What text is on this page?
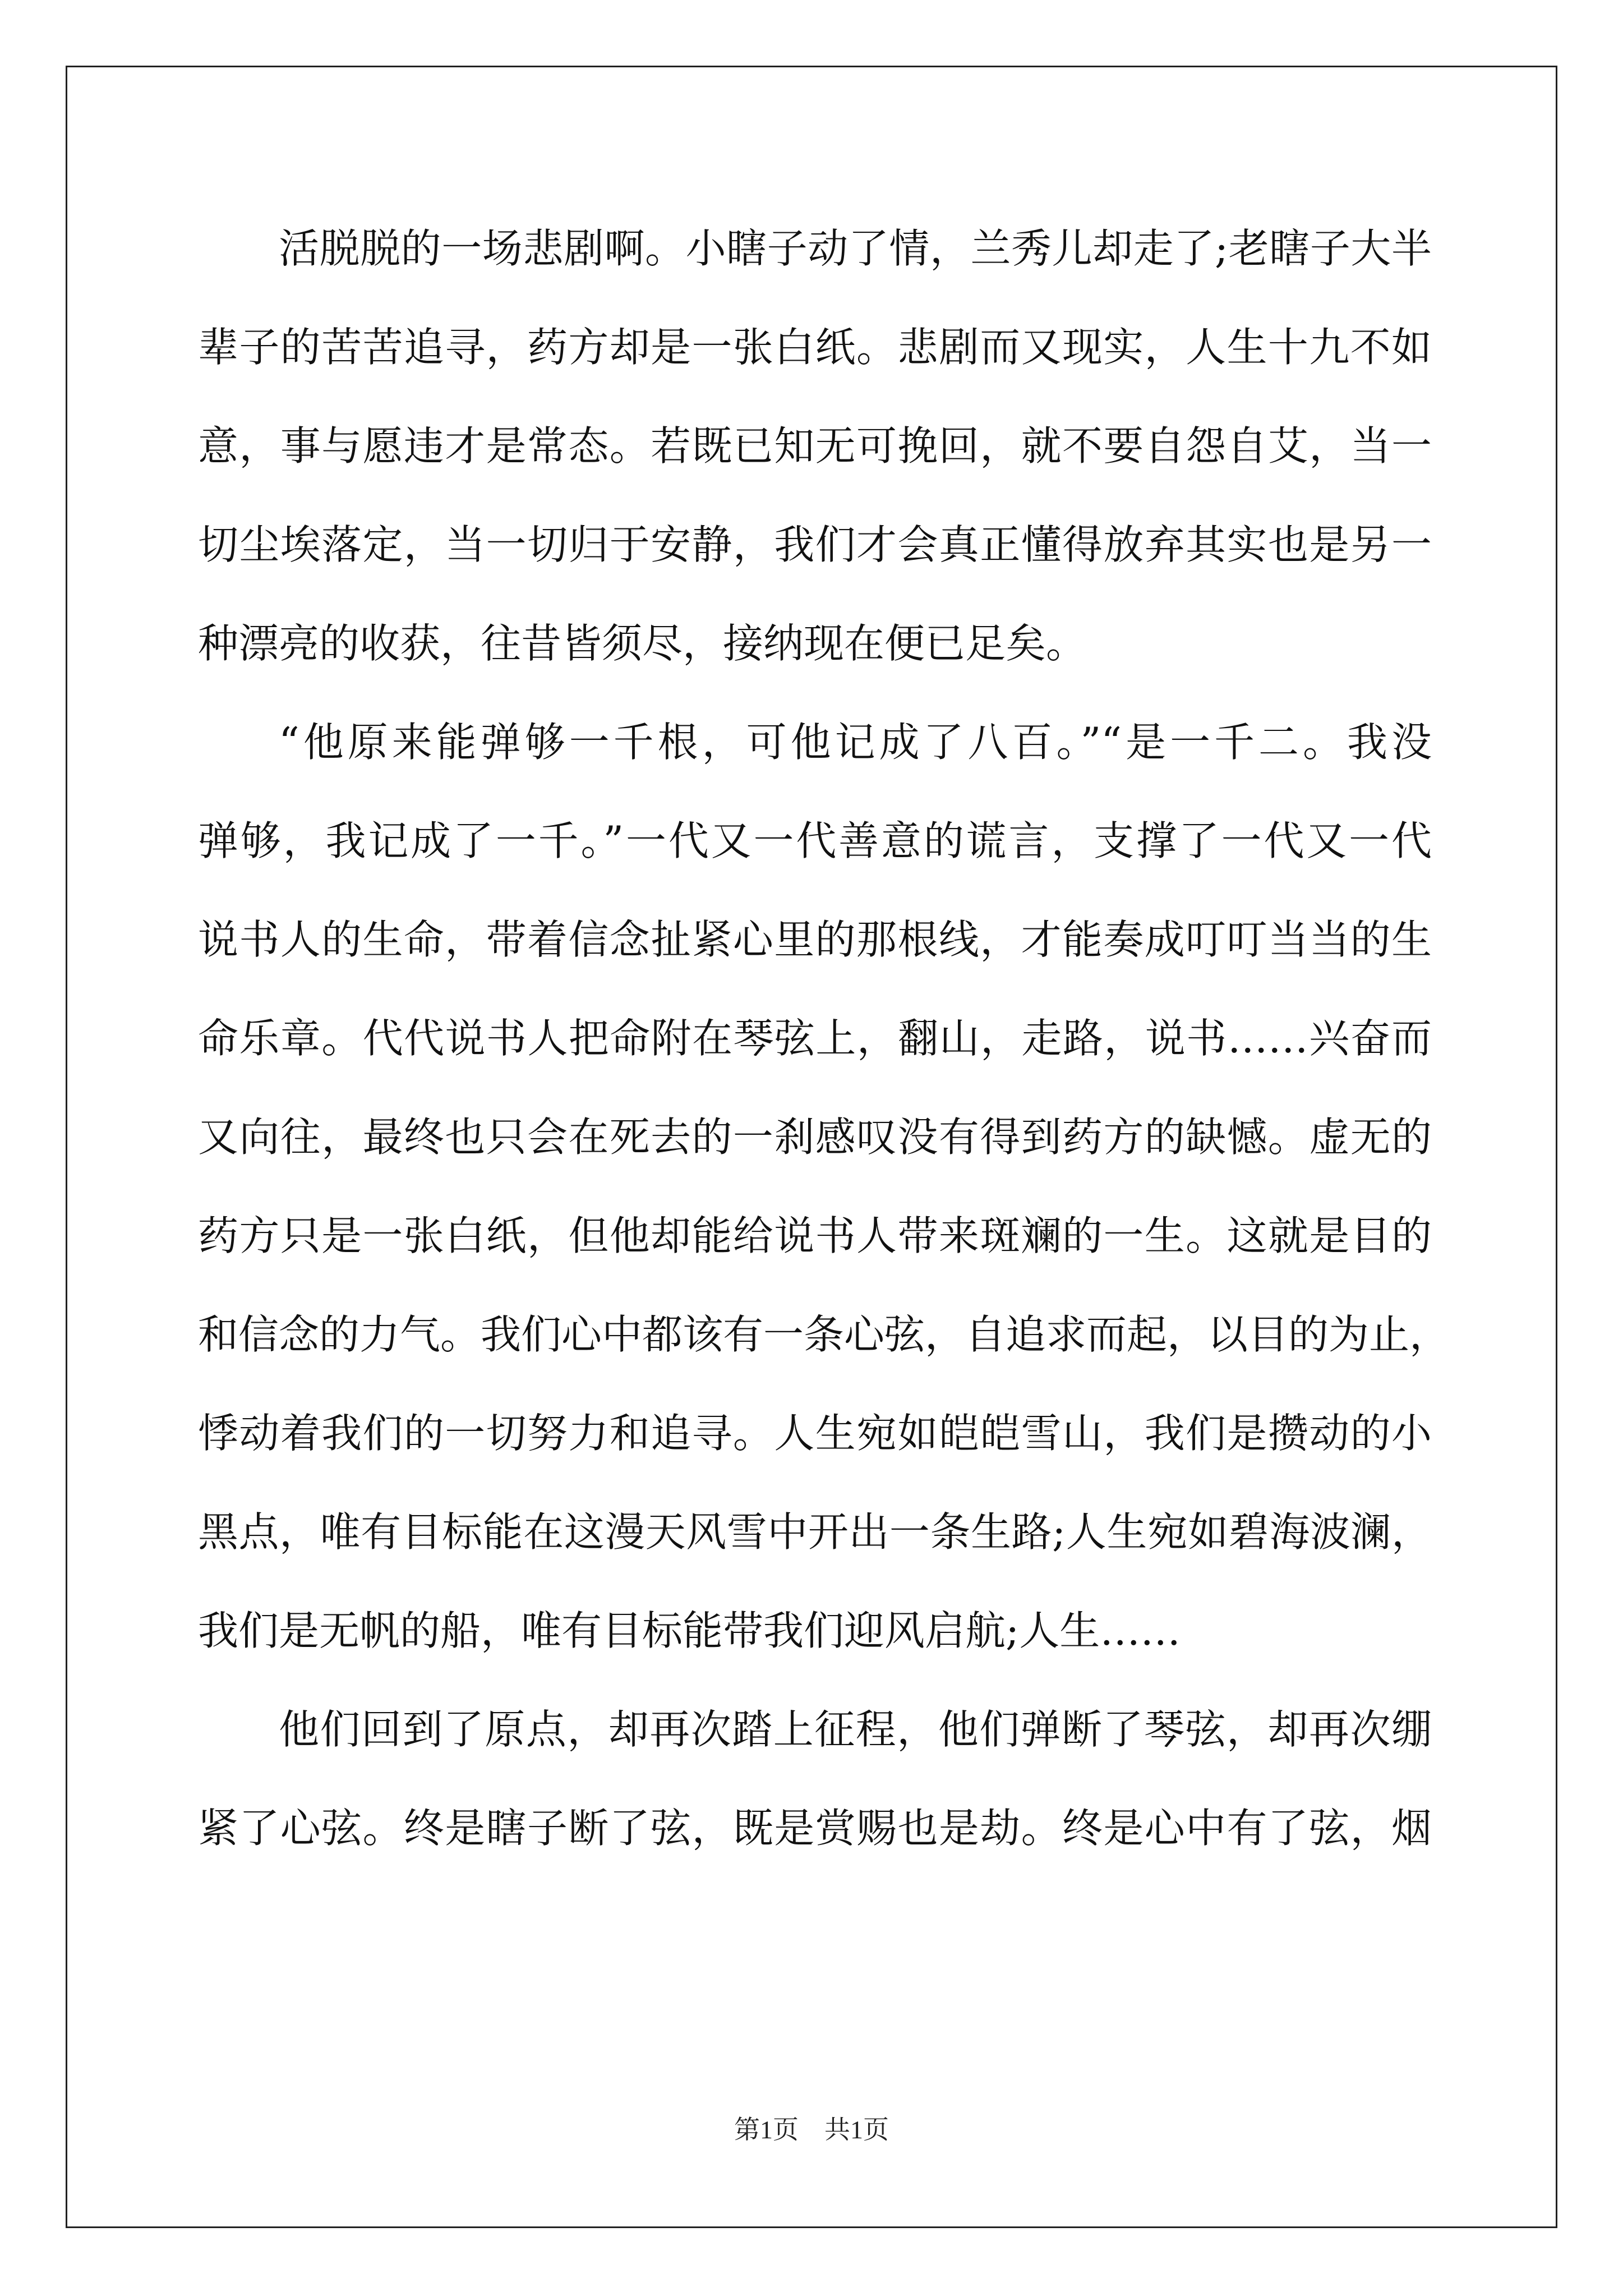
活脱脱的一场悲剧啊。小瞎子动了情，兰秀儿却走了;老瞎子大半
辈子的苦苦追寻，药方却是一张白纸。悲剧而又现实，人生十九不如
意，事与愿违才是常态。若既已知无可挽回，就不要自怨自艾，当一
切尘埃落定，当一切归于安静，我们才会真正懂得放弃其实也是另一
种漂亮的收获，往昔皆须尽，接纳现在便已足矣。
“他原来能弹够一千根，可他记成了八百。”“是一千二。我没
弹够，我记成了一千。”一代又一代善意的谎言，支撑了一代又一代
说书人的生命，带着信念扯紧心里的那根线，才能奏成叮叮当当的生
命乐章。代代说书人把命附在琴弦上，翻山，走路，说书……兴奋而
又向往，最终也只会在死去的一刹感叹没有得到药方的缺憾。虚无的
药方只是一张白纸，但他却能给说书人带来斑斓的一生。这就是目的
和信念的力气。我们心中都该有一条心弦，自追求而起，以目的为止，
悸动着我们的一切努力和追寻。人生宛如皑皑雪山，我们是攒动的小
黑点，唯有目标能在这漫天风雪中开出一条生路;人生宛如碧海波澜，
我们是无帆的船，唯有目标能带我们迎风启航;人生……
他们回到了原点，却再次踏上征程，他们弹断了琴弦，却再次绷
紧了心弦。终是瞎子断了弦，既是赏赐也是劫。终是心中有了弦，烟
第1页　共1页
